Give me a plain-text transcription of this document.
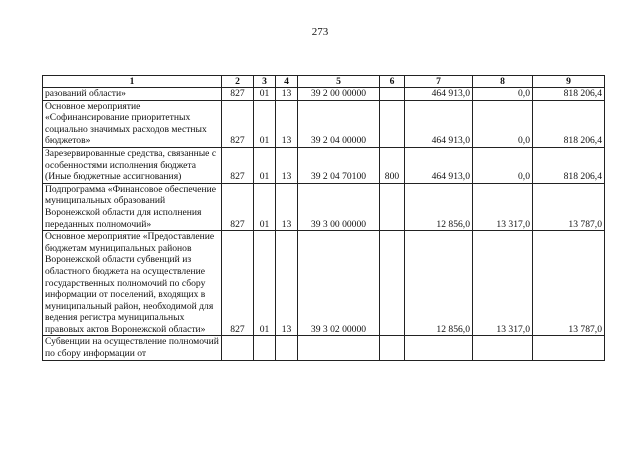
273
1	2	3	4	5	6	7	8	9
разований области»	827	01	13	39 2 00 00000		464 913,0	0,0	818 206,4
Основное мероприятие «Софинансирование приоритетных социально значимых расходов местных бюджетов»	827	01	13	39 2 04 00000		464 913,0	0,0	818 206,4
Зарезервированные средства, связанные с особенностями исполнения бюджета (Иные бюджетные ассигнования)	827	01	13	39 2 04 70100	800	464 913,0	0,0	818 206,4
Подпрограмма «Финансовое обеспечение муниципальных образований Воронежской области для исполнения переданных полномочий»	827	01	13	39 3 00 00000		12 856,0	13 317,0	13 787,0
Основное мероприятие «Предоставление бюджетам муниципальных районов Воронежской области субвенций из областного бюджета на осуществление государственных полномочий по сбору информации от поселений, входящих в муниципальный район, необходимой для ведения регистра муниципальных правовых актов Воронежской области»	827	01	13	39 3 02 00000		12 856,0	13 317,0	13 787,0
Субвенции на осуществление полномочий по сбору информации от								
